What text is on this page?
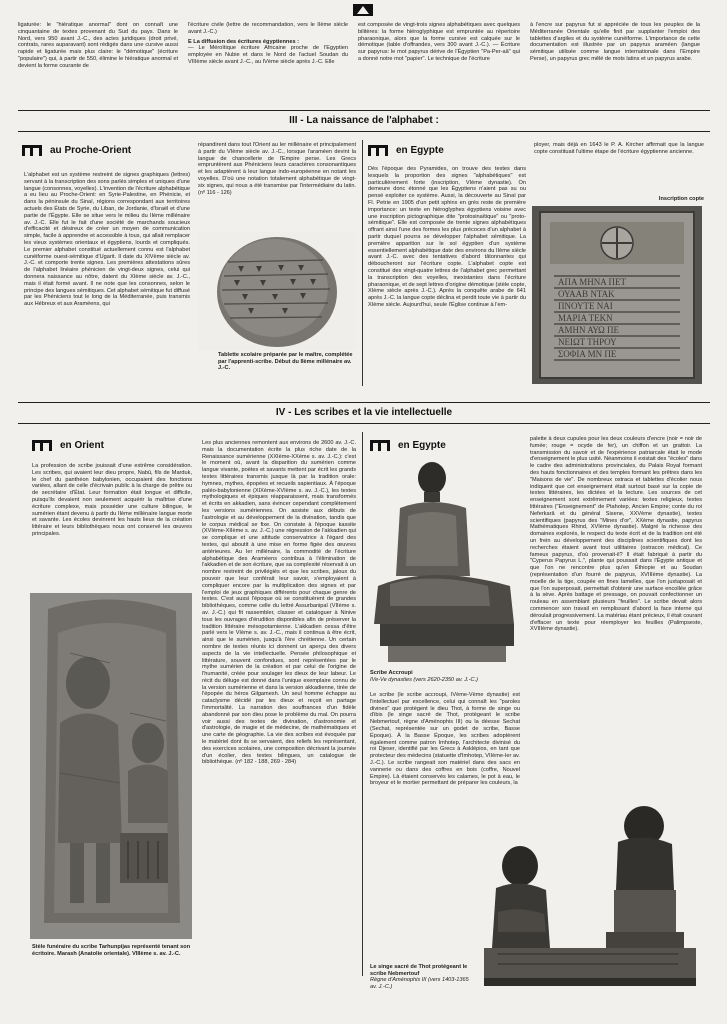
ligaturée: le "hiératique anormal" dont on connaît une cinquantaine de textes provenant du Sud du pays. Dans le Nord, vers 950 avant J.-C., des actes juridiques (droit privé, contrats, rares auparavant) sont rédigés dans une cursive aussi rapide et ligaturée mais plus claire: le "démotique" (écriture "populaire") qui, à partir de 550, élimine le hiératique anormal et devient la forme courante de
l'écriture civile (lettre de recommandation, vers le IIème siècle avant J.-C.)
E La diffusion des écritures égyptiennes :
— Le Méroïtique écriture Africaine proche de l'Égyptien employée en Nubie et dans le Nord de l'actuel Soudan du VIIIème siècle avant J.-C., au IVème siècle après J.-C. Elle
est composée de vingt-trois signes alphabétiques avec quelques bilitères: la forme hiéroglyphique est empruntée au répertoire pharaonique, alors que la forme cursive est calquée sur le démotique (table d'offrandes, vers 300 avant J.-C.). — Écriture sur papyrus: le mot papyrus dérive de l'Égyptien "Pa-Per-aâ" qui a donné notre mot "papier". Le technique de l'écriture
à l'encre sur papyrus fut si appréciée de tous les peuples de la Méditerranée Orientale qu'elle finit par supplanter l'emploi des tablettes d'argiles et du système cunéiforme. L'importance de cette documentation est illustrée par un papyrus araméen (langue sémitique utilisée comme langue internationale dans l'Empire Perse), un papyrus grec mêlé de mots latins et un papyrus arabe.
III - La naissance de l'alphabet :
au Proche-Orient
L'alphabet est un système restreint de signes graphiques (lettres) servant à la transcription des sons parlés simples et uniques d'une langue (consonnes, voyelles). L'invention de l'écriture alphabétique a eu lieu au Proche-Orient: en Syrie-Palestine, en Phénicie, et dans la péninsule du Sinaï, régions correspondant aux territoires actuels des États de Syrie, du Liban, de Jordanie, d'Israël et d'une partie de l'Égypte. Elle se situe vers le milieu du IIème millénaire av. J.-C. Elle fut le fait d'une société de marchands soucieux d'efficacité et désireux de créer un moyen de communication simple, facile à apprendre et accessible à tous, qui allait remplacer les vieux systèmes orientaux et égyptiens, lourds et compliqués. Le premier alphabet constitué actuellement connu est l'alphabet cunéiforme ouest-sémitique d'Ugarit. Il date du XIVème siècle av. J.-C. et comporte trente signes. Les premières attestations sûres de l'alphabet linéaire phénicien de vingt-deux signes, celui qui donnera naissance au nôtre, datent du XIème siècle av. J.-C., mais il était formé avant. Il ne note que les consonnes, selon le principe des langues sémitiques. Cet alphabet sémitique fut diffusé par les Phéniciens tout le long de la Méditerranée, puis transmis aux Hébreux et aux Araméens, qui
répandirent dans tout l'Orient au Ier millénaire et principalement à partir du VIème siècle av. J.-C., lorsque l'araméen devint la langue de chancellerie de l'Empire perse. Les Grecs empruntèrent aux Phéniciens leurs caractères consonantiques et les adaptèrent à leur langue indo-européenne en notant les voyelles. D'où une notation totalement alphabétique de vingt-six signes, qui nous a été transmise par l'intermédiaire du latin.(nº 116 - 126)
Tablette scolaire préparée par le maître, complétée par l'apprenti-scribe. Début du IIème millénaire av. J.-C.
en Egypte
Dès l'époque des Pyramides, on trouve des textes dans lesquels la proportion des signes "alphabétiques" est particulièrement forte (inscription, VIème dynastie). On demeure donc étonné que les Égyptiens n'aient pas su ou pensé exploiter ce système. Aussi, la découverte au Sinaï par Fl. Petrie en 1905 d'un petit sphinx en grès reste de première importance: un texte en hiéroglyphes égyptiens voisine avec une inscription pictographique dite "protosinaïtique" ou "proto-sémitique". Elle est composée de trente signes alphabétiques offrant ainsi l'une des formes les plus précoces d'un alphabet à partir duquel pourra se développer l'alphabet sémitique. La première apparition sur le sol égyptien d'un système essentiellement alphabétique date des environs du IIème siècle avant J.-C. avec des tentatives d'abord tâtonnantes qui déboucheront sur l'écriture copte. L'alphabet copte est constitué des vingt-quatre lettres de l'alphabet grec permettant la transcription des voyelles, inexistantes dans l'écriture pharaonique, et de sept lettres d'origine démotique (stèle copte, XIème siècle après J.-C.). Après la conquête arabe de 641 après J.-C. la langue copte déclina et perdit toute vie à partir du XIème siècle. Aujourd'hui, seule l'Église continue à l'em-
ployer, mais déjà en 1643 le P. A. Kircher affirmait que la langue copte constituait l'ultime étape de l'écriture égyptienne ancienne.
Inscription copte
ΑΠΑ ΜΗΝΑ ΠΕΤ
ΟΥΑΑΒ ΝΤΑΚ
ΠΝΟΥΤΕ ΝΑΙ
ΜΑΡΙΑ ΤΕΚΝ
ΑΜΗΝ ΑΥΩ ΠΕ
ΝΕΙΩΤ ΤΗΡΟΥ
ΣΟΦΙΑ ΜΝ ΠΕ
IV - Les scribes et la vie intellectuelle
en Orient
La profession de scribe jouissait d'une extrême considération. Les scribes, qui avaient leur dieu propre, Nabû, fils de Marduk, le chef du panthéon babylonien, occupaient des fonctions variées, allant de celle d'écrivain public à la charge de prêtre ou de secrétaire d'État. Leur formation était longue et difficile, puisqu'ils devaient non seulement acquérir la maîtrise d'une écriture complexe, mais posséder une culture bilingue, le sumérien étant devenu à partir du IIème millénaire langue morte et savante. Les écoles devinrent les hauts lieux de la création littéraire et leurs bibliothèques nous ont conservé les œuvres principales.
Stèle funéraire du scribe Tarhunpijas représenté tenant son écritoire. Marash (Anatolie orientale). VIIIème s. av. J.-C.
Les plus anciennes remontent aux environs de 2600 av. J.-C. mais la documentation écrite la plus riche date de la Renaissance sumérienne (XXIème-XXème s. av. J.-C.): c'est le moment où, avant la disparition du sumérien comme langue vivante, poètes et savants mettent par écrit les grands textes littéraires transmis jusque là par la tradition orale: hymnes, mythes, épopées et recueils sapientiaux. À l'époque paléo-babylonienne (XIXème-XVIème s. av. J.-C.), les textes mythologiques et épiques réapparaissent, mais transformés et écrits en akkadien, sans évincer cependant complètement les versions sumériennes. On assiste aux débuts de l'astrologie et au développement de la divination, tandis que le corpus médical se fixe. On constate à l'époque kassite (XVIème-XIIème s. av. J.-C.) une régression de l'akkadien qui se complique et une attitude conservatrice à l'égard des textes, qui aboutit à une mise en forme figée des œuvres antérieures. Au Ier millénaire, la commodité de l'écriture alphabétique des Araméens contribua à l'élimination de l'akkadien et de son écriture, que sa complexité réservait à un nombre restreint de privilégiés et que les scribes, jaloux du pouvoir que leur conférait leur savoir, s'employaient à compliquer encore par la multiplication des signes et par l'emploi de jeux graphiques différents pour chaque genre de textes. C'est aussi l'époque où se constituèrent de grandes bibliothèques, comme celle du lettré Assurbanipal (VIIème s. av. J.-C.) qui fit rassembler, classer et cataloguer à Ninive tous les ouvrages d'érudition disponibles afin de préserver la tradition littéraire mésopotamienne. L'akkadien cessa d'être parlé vers le VIème s. av. J.-C., mais il continua à être écrit, ainsi que le sumérien, jusqu'à l'ère chrétienne. Un certain nombre de textes réunis ici donnent un aperçu des divers aspects de la vie intellectuelle. Pensée philosophique et littérature, souvent confondues, sont représentées par le mythe sumérien de la création et par celui de l'origine de l'humanité, créée pour soulager les dieux de leur labeur. Le récit du déluge est donné dans l'unique exemplaire connu de la version sumérienne et dans la version akkadienne, tirée de l'épopée du héros Gilgamesh. Un seul homme échappe au cataclysme décidé par les dieux et reçoit en partage l'immortalité. La narration des souffrances d'un fidèle abandonné par son dieu pose le problème du mal. On pourra voir aussi des textes de divination, d'astronomie et d'astrologie, de magie et de médecine, de mathématiques et une carte de géographie. La vie des scribes est évoquée par le matériel dont ils se servaient, des reliefs les représentant, des exercices scolaires, une composition décrivant la journée d'un écolier, des textes bilingues, un catalogue de bibliothèque. (nº 182 - 188, 269 - 284)
en Egypte
Scribe Accroupi
IVe-Ve dynasties (vers 2620-2350 av. J.-C.)
Le scribe (le scribe accroupi, IVème-Vème dynastie) est l'intellectuel par excellence, celui qui connaît les "paroles divines" que protègent le dieu Thot, à forme de singe ou d'ibis (le singe sacré de Thot, protégeant le scribe Nebmertouf, règne d'Aménophis III) ou la déesse Sechat (Sechat, représentée sur un godet de scribe, Basse Époque). À la Basse Époque, les scribes adoptèrent également comme patron Imhotep, l'architecte divinisé du roi Djeser, identifié par les Grecs à Asklépios, en tant que protecteur des médecins (statuette d'Imhotep, VIIème-Ier av. J.-C.). Le scribe rangeait son matériel dans des sacs en vannerie ou dans des coffres en bois (coffre, Nouvel Empire). Là étaient conservés les calames, le pot à eau, le broyeur et le mortier permettant de préparer les couleurs, la
palette à deux cupules pour les deux couleurs d'encre (noir = noir de fumée; rouge = ocyde de fer), un chiffon et un grattoir. La transmission du savoir et de l'expérience patriarcale était le mode d'enseignement le plus usité. Néanmoins il existait des "écoles" dans le cadre des administrations provinciales, du Palais Royal formant des hauts fonctionnaires et des temples formant les prêtres dans les "Maisons de vie". De nombreux ostraca et tablettes d'écolier nous indiquent que cet enseignement était surtout basé sur la copie de textes littéraires, les dictées et la lecture. Les sources de cet enseignement sont extrêmement variées: textes religieux, textes littéraires ("Enseignement" de Ptahotep, Ancien Empire; conte du roi Neferkarâ et du général Sisene, XXVème dynastie), textes scientifiques (papyrus des "Mines d'or", XXème dynastie, papyrus Mathématiques Rhind, XVIème dynastie). Malgré la richesse des domaines explorés, le respect du texte écrit et de la tradition ont été un frein au développement des disciplines scientifiques dont les recherches étaient avant tout utilitaires (ostracon médical). Ce fameux papyrus, d'où provenait-il? Il était fabriqué à partir du "Cyperus Papyrus L.", plante qui poussait dans l'Égypte antique et que l'on ne rencontre plus qu'en Éthiopie et au Soudan (représentation d'un fourré de papyrus, XVIIIème dynastie). La moelle de la tige, coupée en fines lamelles, que l'on juxtaposait et que l'on superposait, permettait d'obtenir une surface encollée grâce à la sève. Après battage et pressage, on pouvait confectionner un rouleau en assemblant plusieurs "feuilles". Le scribe devait alors commencer son travail en remplissant d'abord la face interne qui déroulait progressivement. La matériau étant précieux, il était courant d'effacer un texte pour réemployer les feuilles (Palimpseste, XVIIIème dynastie).
Le singe sacré de Thot protégeant le scribe Nebmertouf
Règne d'Aménophis III (vers 1403-1365 av. J.-C.)
